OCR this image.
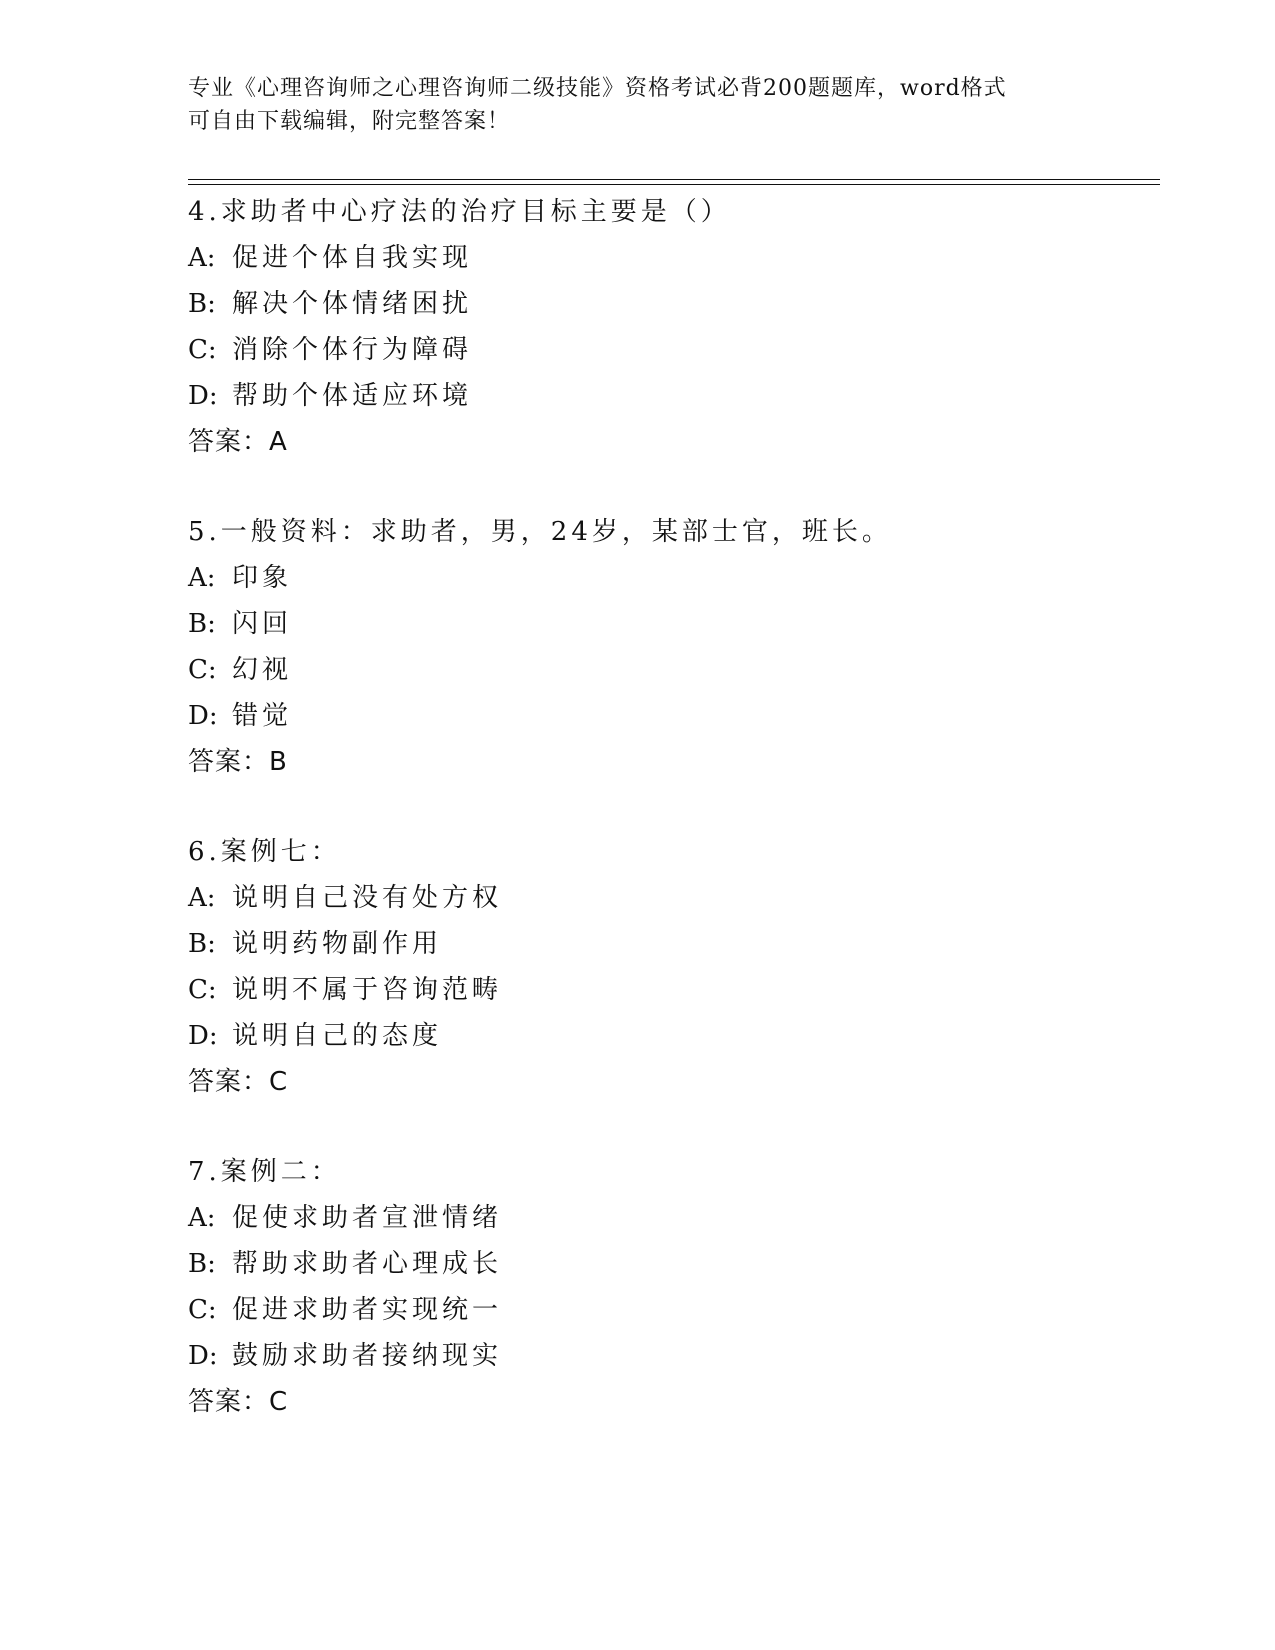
专业《心理咨询师之心理咨询师二级技能》资格考试必背200题题库，word格式
可自由下载编辑，附完整答案！
4.求助者中心疗法的治疗目标主要是（）
A: 促进个体自我实现
B: 解决个体情绪困扰
C: 消除个体行为障碍
D: 帮助个体适应环境
答案：A
5.一般资料：求助者，男，24岁，某部士官，班长。
A: 印象
B: 闪回
C: 幻视
D: 错觉
答案：B
6.案例七：
A: 说明自己没有处方权
B: 说明药物副作用
C: 说明不属于咨询范畴
D: 说明自己的态度
答案：C
7.案例二：
A: 促使求助者宣泄情绪
B: 帮助求助者心理成长
C: 促进求助者实现统一
D: 鼓励求助者接纳现实
答案：C
